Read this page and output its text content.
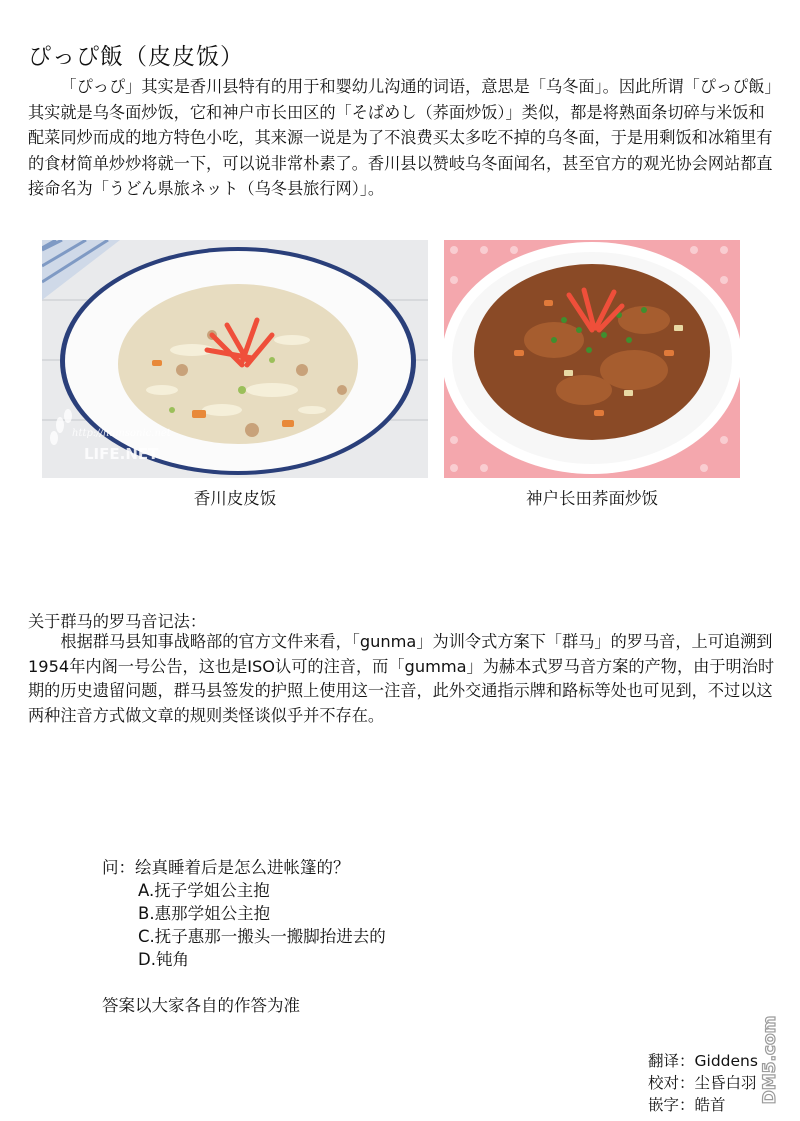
ぴっぴ飯（皮皮饭）

「ぴっぴ」其实是香川县特有的用于和婴幼儿沟通的词语，意思是「乌冬面」。因此所谓「ぴっぴ飯」其实就是乌冬面炒饭，它和神户市长田区的「そばめし（荞面炒饭）」类似，都是将熟面条切碎与米饭和配菜同炒而成的地方特色小吃，其来源一说是为了不浪费买太多吃不掉的乌冬面，于是用剩饭和冰箱里有的食材简单炒炒将就一下，可以说非常朴素了。香川县以赞岐乌冬面闻名，甚至官方的观光协会网站都直接命名为「うどん県旅ネット（乌冬县旅行网）」。

http://hamsonic.net
LIFE.NET
香川皮皮饭	神户长田荞面炒饭
关于群马的罗马音记法：

根据群马县知事战略部的官方文件来看，「gunma」为训令式方案下「群马」的罗马音，上可追溯到1954年内阁一号公告，这也是ISO认可的注音，而「gumma」为赫本式罗马音方案的产物，由于明治时期的历史遗留问题，群马县签发的护照上使用这一注音，此外交通指示牌和路标等处也可见到，不过以这两种注音方式做文章的规则类怪谈似乎并不存在。

问：绘真睡着后是怎么进帐篷的？
A.抚子学姐公主抱
B.惠那学姐公主抱
C.抚子惠那一搬头一搬脚抬进去的
D.钝角
答案以大家各自的作答为准
翻译：Giddens
校对：尘昏白羽
嵌字：皓首
DM5.com
